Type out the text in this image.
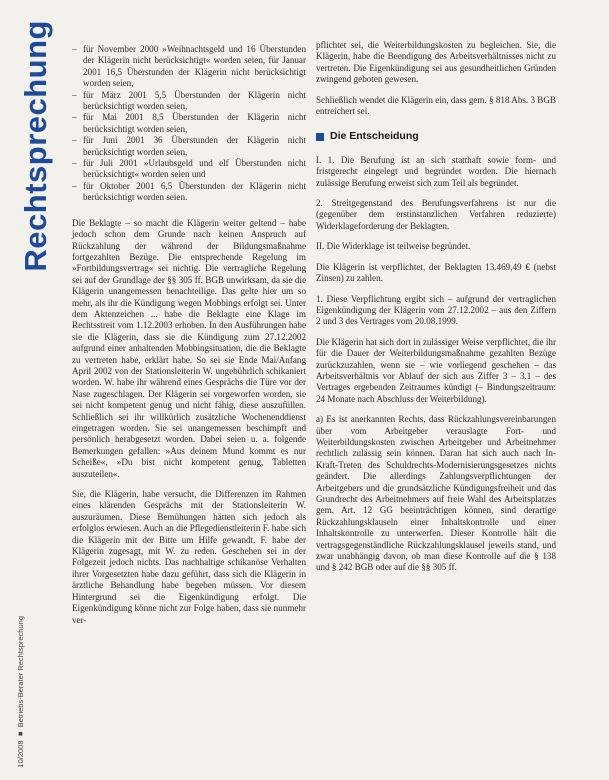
Rechtsprechung
10/2008 ■ Betriebs-Berater Rechtsprechung
– für November 2000 »Weihnachtsgeld und 16 Überstunden der Klägerin nicht berücksichtigt« worden seien, für Januar 2001 16,5 Überstunden der Klägerin nicht berücksichtigt worden seien,
– für März 2001 5,5 Überstunden der Klägerin nicht berücksichtigt worden seien,
– für Mai 2001 8,5 Überstunden der Klägerin nicht berücksichtigt worden seien,
– für Juni 2001 36 Überstunden der Klägerin nicht berücksichtigt worden seien,
– für Juli 2001 »Urlaubsgeld und elf Überstunden nicht berücksichtigt« worden seien und
– für Oktober 2001 6,5 Überstunden der Klägerin nicht berücksichtigt worden seien.

Die Beklagte – so macht die Klägerin weiter geltend – habe jedoch schon dem Grunde nach keinen Anspruch auf Rückzahlung der während der Bildungsmaßnahme fortgezahlten Bezüge. Die entsprechende Regelung im »Fortbildungsvertrag« sei nichtig. Die vertragliche Regelung sei auf der Grundlage der §§ 305 ff. BGB unwirksam, da sie die Klägerin unangemessen benachteilige. Das gelte hier um so mehr, als ihr die Kündigung wegen Mobbings erfolgt sei. Unter dem Aktenzeichen ... habe die Beklagte eine Klage im Rechtsstreit vom 1.12.2003 erhoben. In den Ausführungen habe sie die Klägerin, dass sie die Kündigung zum 27.12.2002 aufgrund einer anhaltenden Mobbingsituation, die die Beklagte zu vertreten habe, erklärt habe. So sei sie Ende Mai/Anfang April 2002 von der Stationsleiterin W. ungebührlich schikaniert worden. W. habe ihr während eines Gesprächs die Türe vor der Nase zugeschlagen. Der Klägerin sei vorgeworfen worden, sie sei nicht kompetent genug und nicht fähig, diese auszufüllen. Schließlich sei ihr willkürlich zusätzliche Wochenenddienst eingetragen worden. Sie sei unangemessen beschimpft und persönlich herabgesetzt worden. Dabei seien u. a. folgende Bemerkungen gefallen: »Aus deinem Mund kommt es nur Scheiße«, »Du bist nicht kompetent genug, Tabletten auszuteilen«.

Sie, die Klägerin, habe versucht, die Differenzen im Rahmen eines klärenden Gesprächs mit der Stationsleiterin W. auszuräumen. Diese Bemühungen hätten sich jedoch als erfolglos erwiesen. Auch an die Pflegedienstleiterin F. habe sich die Klägerin mit der Bitte um Hilfe gewandt. F. habe der Klägerin zugesagt, mit W. zu reden. Geschehen sei in der Folgezeit jedoch nichts. Das nachhaltige schikanöse Verhalten ihrer Vorgesetzten habe dazu geführt, dass sich die Klägerin in ärztliche Behandlung habe begeben müssen. Vor diesem Hintergrund sei die Eigenkündigung erfolgt. Die Eigenkündigung könne nicht zur Folge haben, dass sie nunmehr ver-

pflichtet sei, die Weiterbildungskosten zu begleichen. Sie, die Klägerin, habe die Beendigung des Arbeitsverhältnisses nicht zu vertreten. Die Eigenkündigung sei aus gesundheitlichen Gründen zwingend geboten gewesen.

Schließlich wendet die Klägerin ein, dass gem. § 818 Abs. 3 BGB entreichert sei.

Die Entscheidung

I. 1. Die Berufung ist an sich statthaft sowie form- und fristgerecht eingelegt und begründet worden. Die hiernach zulässige Berufung erweist sich zum Teil als begründet.

2. Streitgegenstand des Berufungsverfahrens ist nur die (gegenüber dem erstinstanzlichen Verfahren reduzierte) Widerklageforderung der Beklagten.

II. Die Widerklage ist teilweise begründet.

Die Klägerin ist verpflichtet, der Beklagten 13.469,49 € (nebst Zinsen) zu zahlen.

1. Diese Verpflichtung ergibt sich – aufgrund der vertraglichen Eigenkündigung der Klägerin vom 27.12.2002 – aus den Ziffern 2 und 3 des Vertrages vom 20.08.1999.

Die Klägerin hat sich dort in zulässiger Weise verpflichtet, die ihr für die Dauer der Weiterbildungsmaßnahme gezahlten Bezüge zurückzuzahlen, wenn sie – wie vorliegend geschehen – das Arbeitsverhältnis vor Ablauf der sich aus Ziffer 3 – 3.1 – des Vertrages ergebenden Zeitraumes kündigt (– Bindungszeitraum: 24 Monate nach Abschluss der Weiterbildung).

a) Es ist anerkannten Rechts, dass Rückzahlungsvereinbarungen über vom Arbeitgeber verauslagte Fort- und Weiterbildungskosten zwischen Arbeitgeber und Arbeitnehmer rechtlich zulässig sein können. Daran hat sich auch nach In-Kraft-Treten des Schuldrechts-Modernisierungsgesetzes nichts geändert. Die allerdings Zahlungsverpflichtungen der Arbeitgebers und die grundsätzliche Kündigungsfreiheit und das Grundrecht des Arbeitnehmers auf freie Wahl des Arbeitsplatzes gem. Art. 12 GG beeinträchtigen können, sind derartige Rückzahlungsklauseln einer Inhaltskontrolle und einer Inhaltskontrolle zu unterwerfen. Dieser Kontrolle hält die vertragsgegenständliche Rückzahlungsklausel jeweils stand, und zwar unabhängig davon, ob man diese Kontrolle auf die § 138 und § 242 BGB oder auf die §§ 305 ff.
